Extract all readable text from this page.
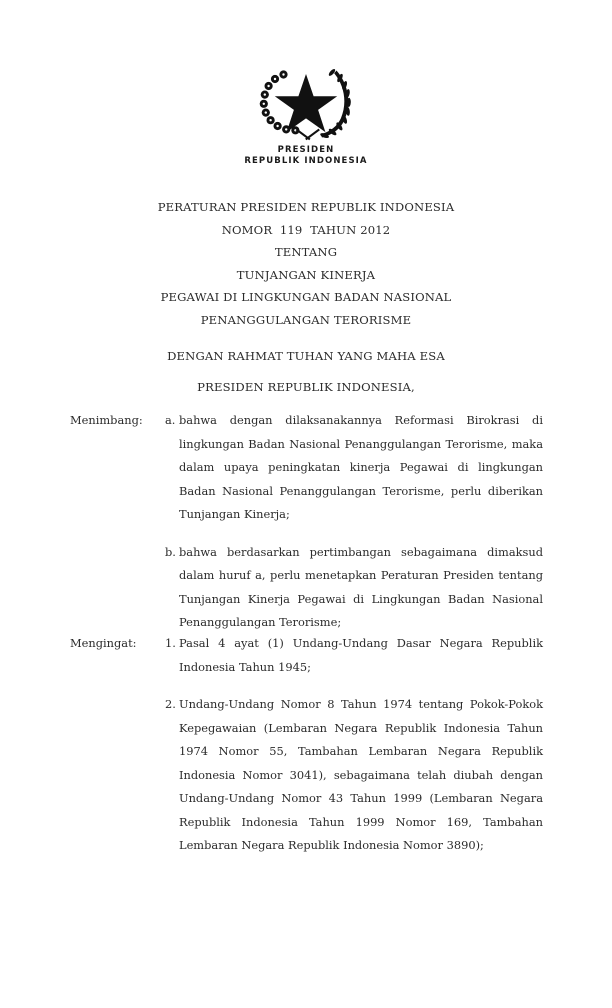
PRESIDEN
REPUBLIK INDONESIA
PERATURAN PRESIDEN REPUBLIK INDONESIA
NOMOR  119  TAHUN 2012
TENTANG
TUNJANGAN KINERJA
PEGAWAI DI LINGKUNGAN BADAN NASIONAL
PENANGGULANGAN TERORISME
DENGAN RAHMAT TUHAN YANG MAHA ESA
PRESIDEN REPUBLIK INDONESIA,
Menimbang:	a. bahwa dengan dilaksanakannya Reformasi Birokrasi di lingkungan Badan Nasional Penanggulangan Terorisme, maka dalam upaya peningkatan kinerja Pegawai di lingkungan Badan Nasional Penanggulangan Terorisme, perlu diberikan Tunjangan Kinerja;
b. bahwa berdasarkan pertimbangan sebagaimana dimaksud dalam huruf a, perlu menetapkan Peraturan Presiden tentang Tunjangan Kinerja Pegawai di Lingkungan Badan Nasional Penanggulangan Terorisme;
Mengingat:	1. Pasal 4 ayat (1) Undang-Undang Dasar Negara Republik Indonesia Tahun 1945;
2. Undang-Undang Nomor 8 Tahun 1974 tentang Pokok-Pokok Kepegawaian (Lembaran Negara Republik Indonesia Tahun 1974 Nomor 55, Tambahan Lembaran Negara Republik Indonesia Nomor 3041), sebagaimana telah diubah dengan Undang-Undang Nomor 43 Tahun 1999 (Lembaran Negara Republik Indonesia Tahun 1999 Nomor 169, Tambahan Lembaran Negara Republik Indonesia Nomor 3890);
